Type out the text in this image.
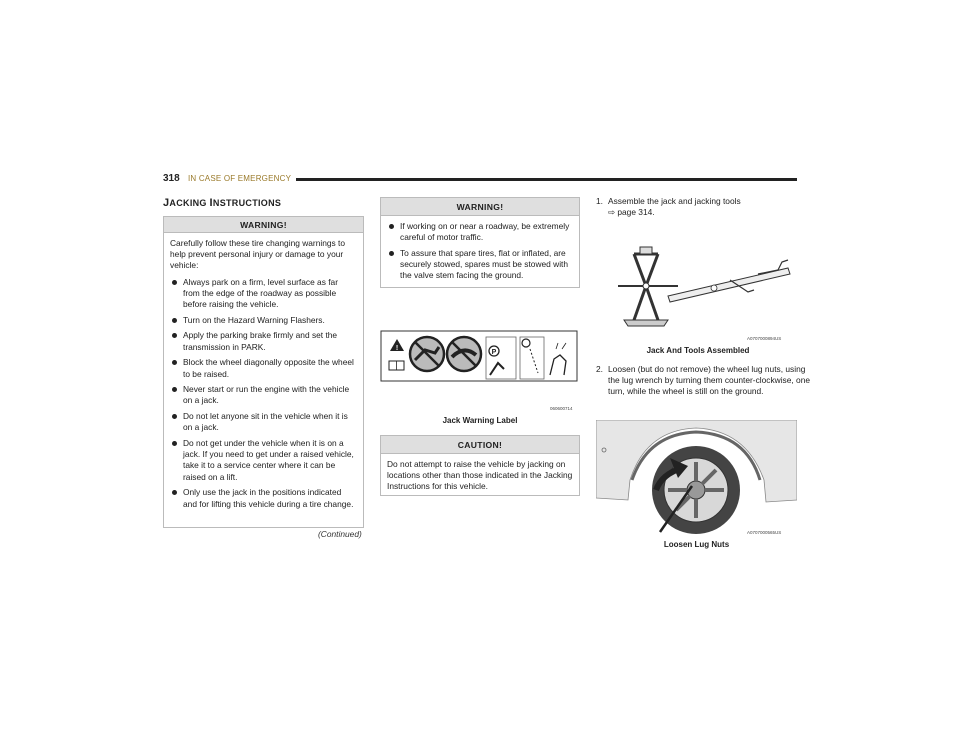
318 IN CASE OF EMERGENCY
JACKING INSTRUCTIONS
WARNING!

Carefully follow these tire changing warnings to help prevent personal injury or damage to your vehicle:

Always park on a firm, level surface as far from the edge of the roadway as possible before raising the vehicle.
Turn on the Hazard Warning Flashers.
Apply the parking brake firmly and set the transmission in PARK.
Block the wheel diagonally opposite the wheel to be raised.
Never start or run the engine with the vehicle on a jack.
Do not let anyone sit in the vehicle when it is on a jack.
Do not get under the vehicle when it is on a jack. If you need to get under a raised vehicle, take it to a service center where it can be raised on a lift.
Only use the jack in the positions indicated and for lifting this vehicle during a tire change.
(Continued)
WARNING!
If working on or near a roadway, be extremely careful of motor traffic.
To assure that spare tires, flat or inflated, are securely stowed, spares must be stowed with the valve stem facing the ground.
!
P
060600714
Jack Warning Label
CAUTION!
Do not attempt to raise the vehicle by jacking on locations other than those indicated in the Jacking Instructions for this vehicle.
1. Assemble the jack and jacking tools
⇨ page 314.
2. Loosen (but do not remove) the wheel lug nuts, using the lug wrench by turning them counter-clockwise, one turn, while the wheel is still on the ground.
A0707000894US
Jack And Tools Assembled
A0707000565US
Loosen Lug Nuts
